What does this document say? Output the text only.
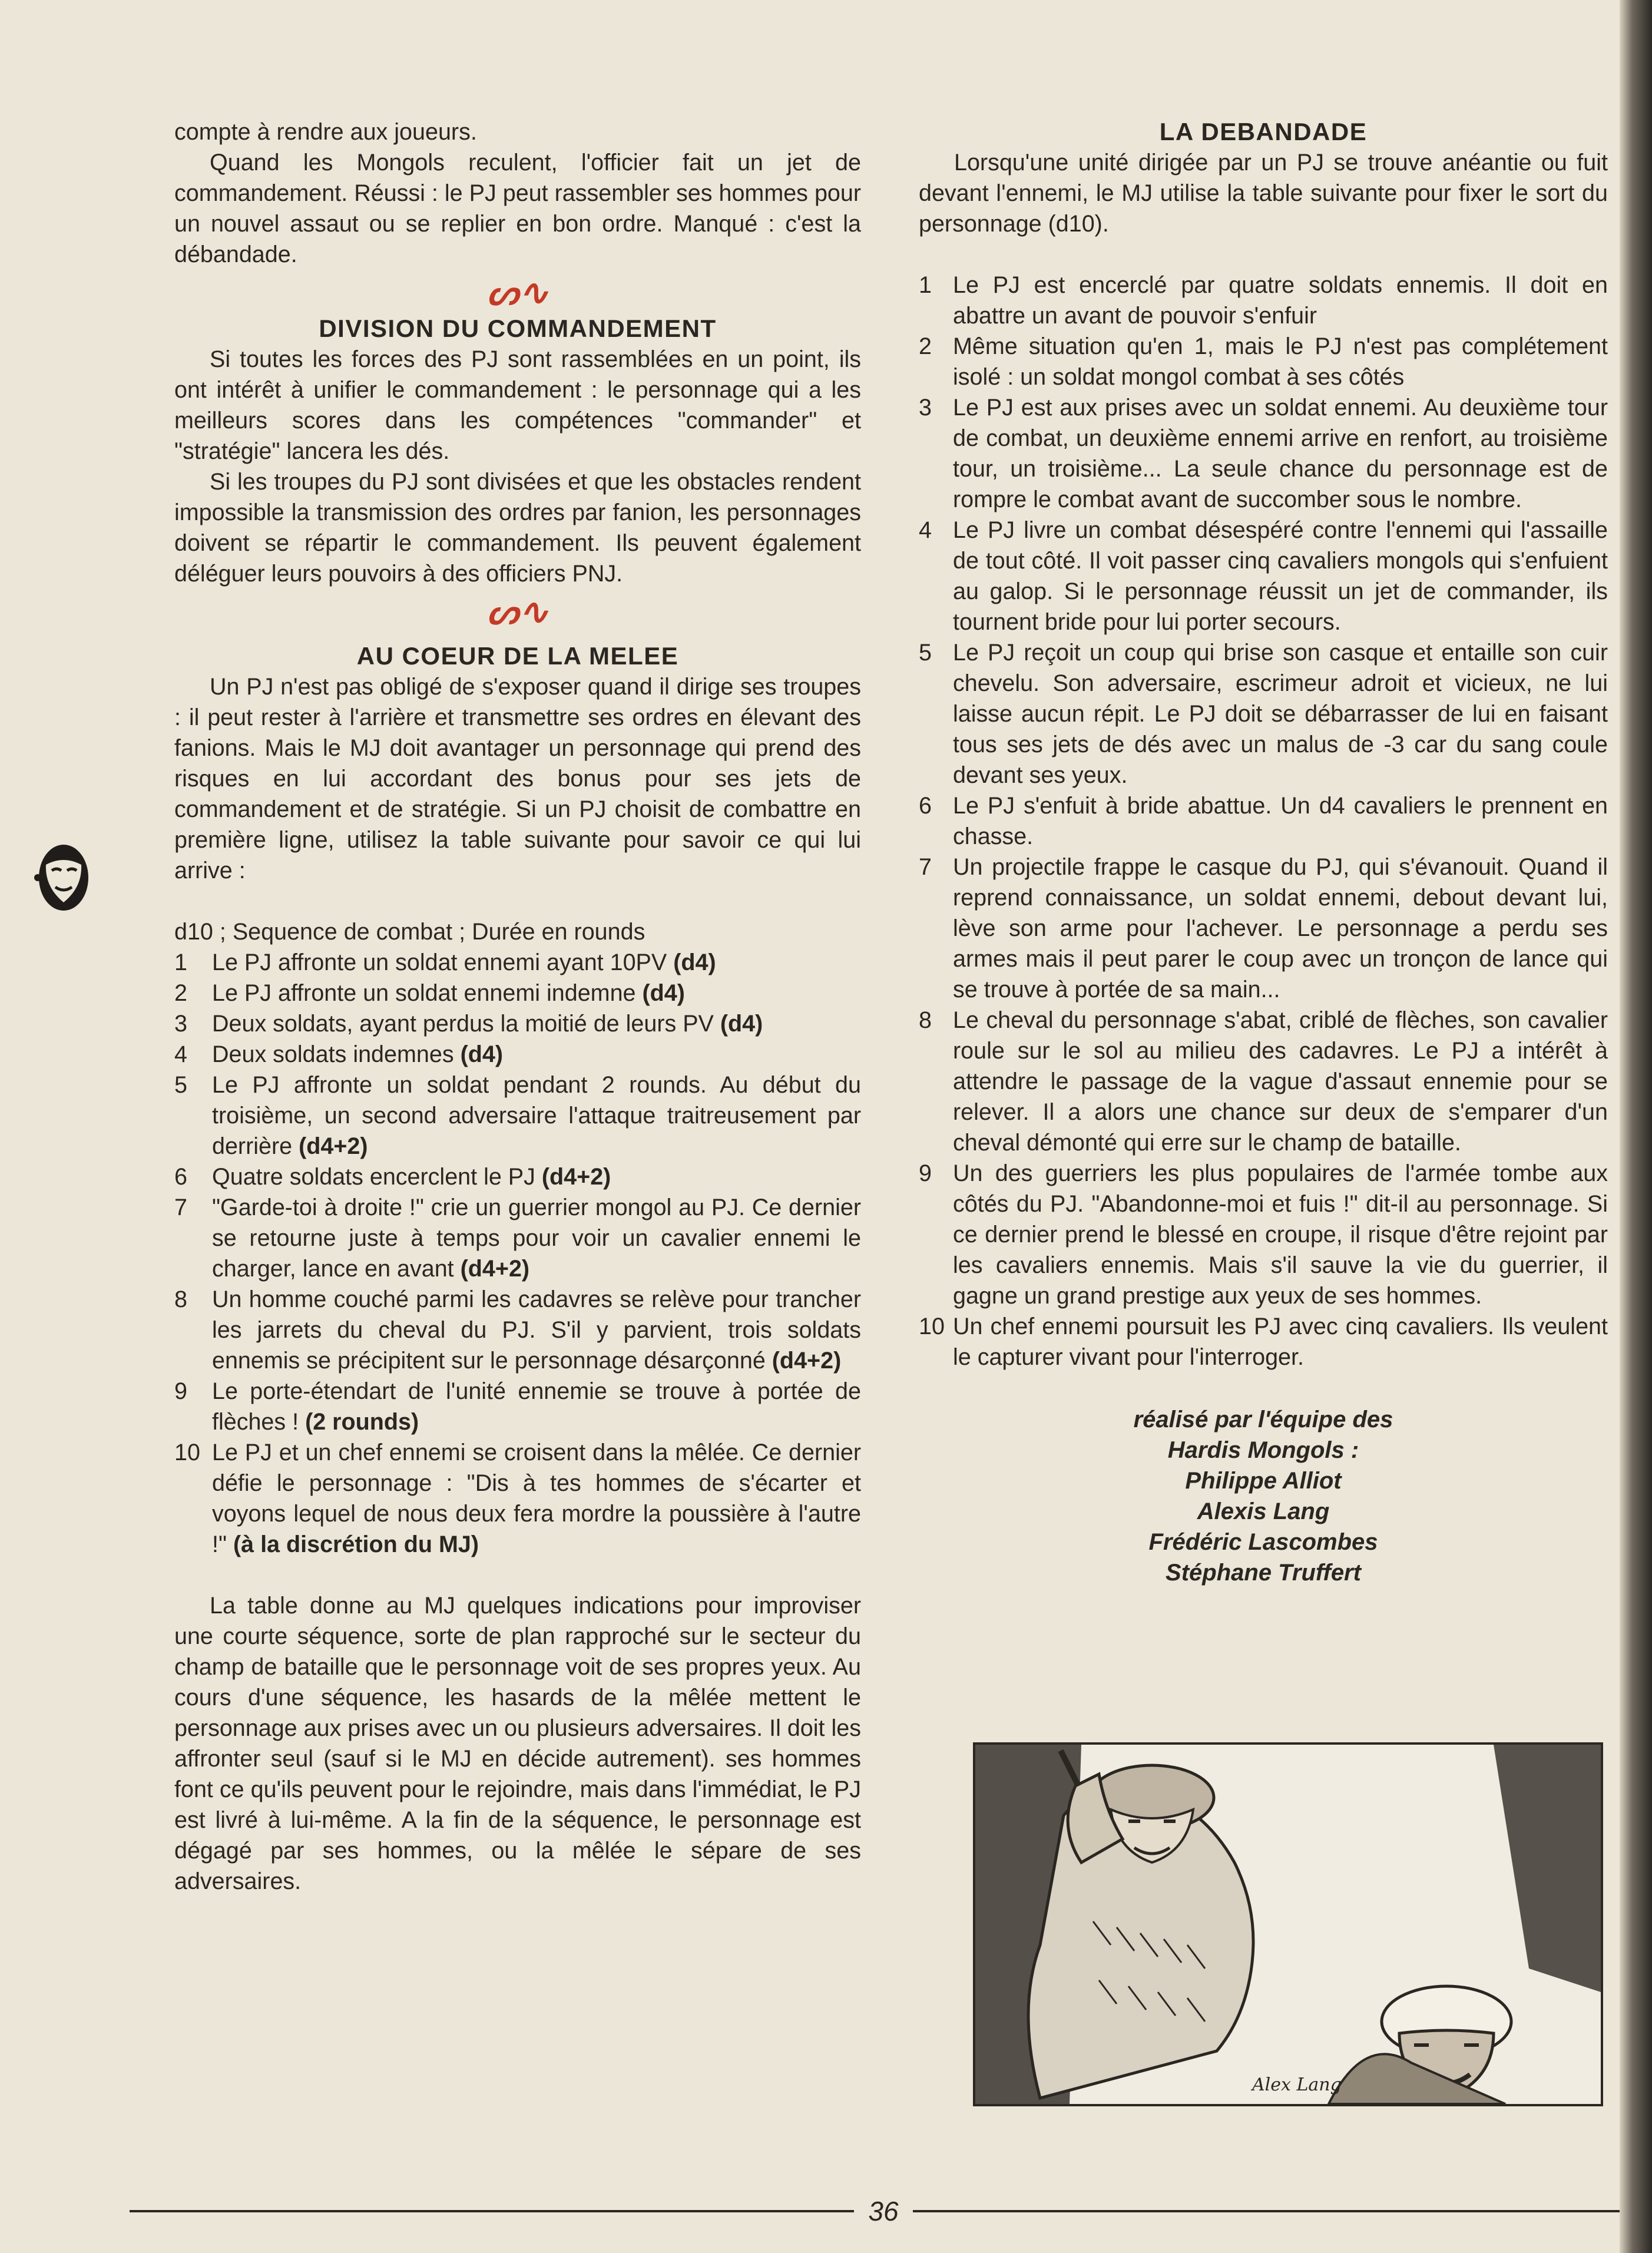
compte à rendre aux joueurs.

Quand les Mongols reculent, l'officier fait un jet de commandement. Réussi : le PJ peut rassembler ses hommes pour un nouvel assaut ou se replier en bon ordre. Manqué : c'est la débandade.

ᔕ∿

DIVISION DU COMMANDEMENT

Si toutes les forces des PJ sont rassemblées en un point, ils ont intérêt à unifier le commandement : le personnage qui a les meilleurs scores dans les compétences "commander" et "stratégie" lancera les dés.

Si les troupes du PJ sont divisées et que les obstacles rendent impossible la transmission des ordres par fanion, les personnages doivent se répartir le commandement. Ils peuvent également déléguer leurs pouvoirs à des officiers PNJ.

ᔕ∿

AU COEUR DE LA MELEE

Un PJ n'est pas obligé de s'exposer quand il dirige ses troupes : il peut rester à l'arrière et transmettre ses ordres en élevant des fanions. Mais le MJ doit avantager un personnage qui prend des risques en lui accordant des bonus pour ses jets de commandement et de stratégie. Si un PJ choisit de combattre en première ligne, utilisez la table suivante pour savoir ce qui lui arrive :

d10 ; Sequence de combat ; Durée en rounds

1	Le PJ affronte un soldat ennemi ayant 10PV (d4)
2	Le PJ affronte un soldat ennemi indemne (d4)
3	Deux soldats, ayant perdus la moitié de leurs PV (d4)
4	Deux soldats indemnes (d4)
5	Le PJ affronte un soldat pendant 2 rounds. Au début du troisième, un second adversaire l'attaque traitreusement par derrière (d4+2)
6	Quatre soldats encerclent le PJ (d4+2)
7	"Garde-toi à droite !" crie un guerrier mongol au PJ. Ce dernier se retourne juste à temps pour voir un cavalier ennemi le charger, lance en avant (d4+2)
8	Un homme couché parmi les cadavres se relève pour trancher les jarrets du cheval du PJ. S'il y parvient, trois soldats ennemis se précipitent sur le personnage désarçonné (d4+2)
9	Le porte-étendart de l'unité ennemie se trouve à portée de flèches ! (2 rounds)
10 Le PJ et un chef ennemi se croisent dans la mêlée. Ce dernier défie le personnage : "Dis à tes hommes de s'écarter et voyons lequel de nous deux fera mordre la poussière à l'autre !" (à la discrétion du MJ)

La table donne au MJ quelques indications pour improviser une courte séquence, sorte de plan rapproché sur le secteur du champ de bataille que le personnage voit de ses propres yeux. Au cours d'une séquence, les hasards de la mêlée mettent le personnage aux prises avec un ou plusieurs adversaires. Il doit les affronter seul (sauf si le MJ en décide autrement). ses hommes font ce qu'ils peuvent pour le rejoindre, mais dans l'immédiat, le PJ est livré à lui-même. A la fin de la séquence, le personnage est dégagé par ses hommes, ou la mêlée le sépare de ses adversaires.

LA DEBANDADE

Lorsqu'une unité dirigée par un PJ se trouve anéantie ou fuit devant l'ennemi, le MJ utilise la table suivante pour fixer le sort du personnage (d10).

1 Le PJ est encerclé par quatre soldats ennemis. Il doit en abattre un avant de pouvoir s'enfuir
2 Même situation qu'en 1, mais le PJ n'est pas complétement isolé : un soldat mongol combat à ses côtés
3 Le PJ est aux prises avec un soldat ennemi. Au deuxième tour de combat, un deuxième ennemi arrive en renfort, au troisième tour, un troisième... La seule chance du personnage est de rompre le combat avant de succomber sous le nombre.
4 Le PJ livre un combat désespéré contre l'ennemi qui l'assaille de tout côté. Il voit passer cinq cavaliers mongols qui s'enfuient au galop. Si le personnage réussit un jet de commander, ils tournent bride pour lui porter secours.
5 Le PJ reçoit un coup qui brise son casque et entaille son cuir chevelu. Son adversaire, escrimeur adroit et vicieux, ne lui laisse aucun répit. Le PJ doit se débarrasser de lui en faisant tous ses jets de dés avec un malus de -3 car du sang coule devant ses yeux.
6 Le PJ s'enfuit à bride abattue. Un d4 cavaliers le prennent en chasse.
7 Un projectile frappe le casque du PJ, qui s'évanouit. Quand il reprend connaissance, un soldat ennemi, debout devant lui, lève son arme pour l'achever. Le personnage a perdu ses armes mais il peut parer le coup avec un tronçon de lance qui se trouve à portée de sa main...
8 Le cheval du personnage s'abat, criblé de flèches, son cavalier roule sur le sol au milieu des cadavres. Le PJ a intérêt à attendre le passage de la vague d'assaut ennemie pour se relever. Il a alors une chance sur deux de s'emparer d'un cheval démonté qui erre sur le champ de bataille.
9 Un des guerriers les plus populaires de l'armée tombe aux côtés du PJ. "Abandonne-moi et fuis !" dit-il au personnage. Si ce dernier prend le blessé en croupe, il risque d'être rejoint par les cavaliers ennemis. Mais s'il sauve la vie du guerrier, il gagne un grand prestige aux yeux de ses hommes.
10 Un chef ennemi poursuit les PJ avec cinq cavaliers. Ils veulent le capturer vivant pour l'interroger.
réalisé par l'équipe des
Hardis Mongols :
Philippe Alliot
Alexis Lang
Frédéric Lascombes
Stéphane Truffert
Alex Lang
36
